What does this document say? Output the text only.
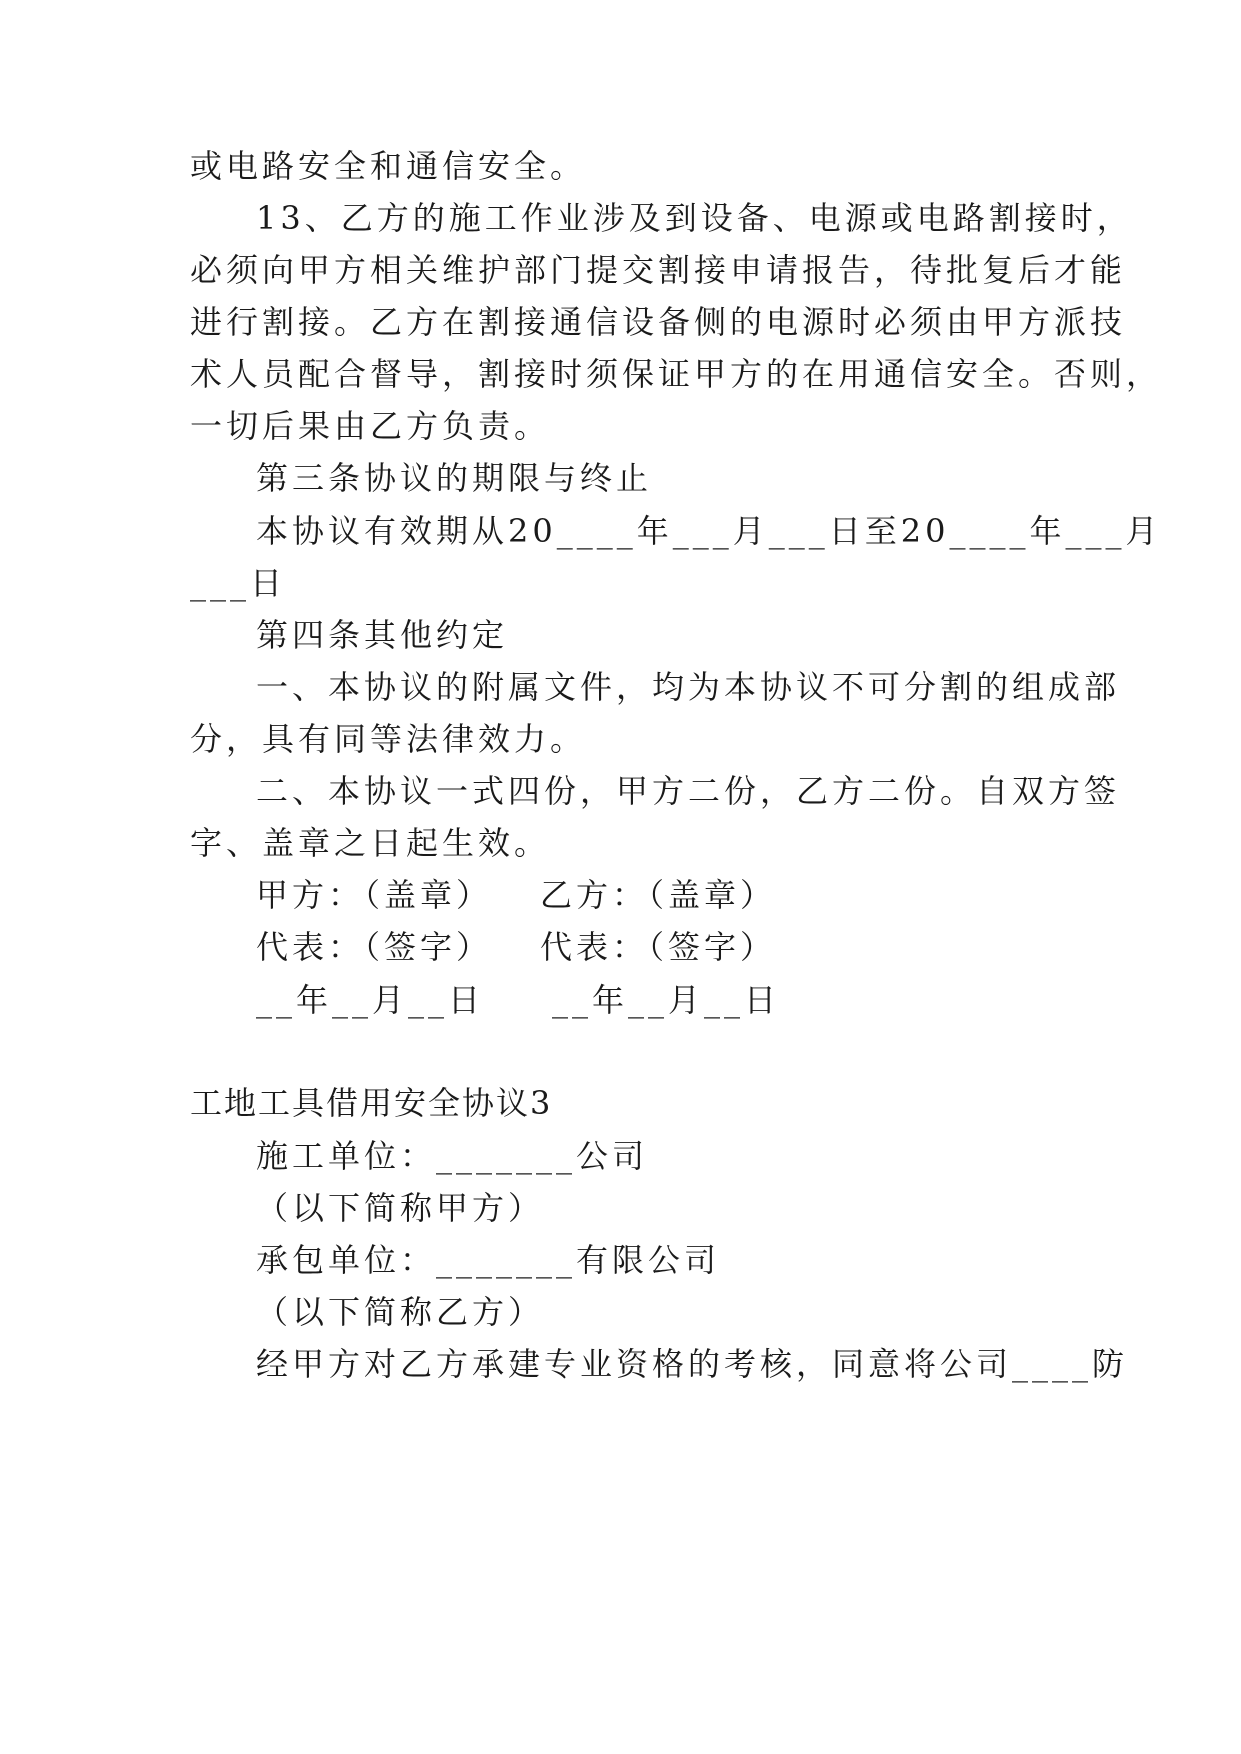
或电路安全和通信安全。
13、乙方的施工作业涉及到设备、电源或电路割接时，
必须向甲方相关维护部门提交割接申请报告，待批复后才能
进行割接。乙方在割接通信设备侧的电源时必须由甲方派技
术人员配合督导，割接时须保证甲方的在用通信安全。否则，
一切后果由乙方负责。
第三条协议的期限与终止
本协议有效期从20____年___月___日至20____年___月
___日
第四条其他约定
一、本协议的附属文件，均为本协议不可分割的组成部
分，具有同等法律效力。
二、本协议一式四份，甲方二份，乙方二份。自双方签
字、盖章之日起生效。
甲方：（盖章） 乙方：（盖章）
代表：（签字） 代表：（签字）
__年__月__日 __年__月__日
工地工具借用安全协议3
施工单位：_______公司
（以下简称甲方）
承包单位：_______有限公司
（以下简称乙方）
经甲方对乙方承建专业资格的考核，同意将公司____防
